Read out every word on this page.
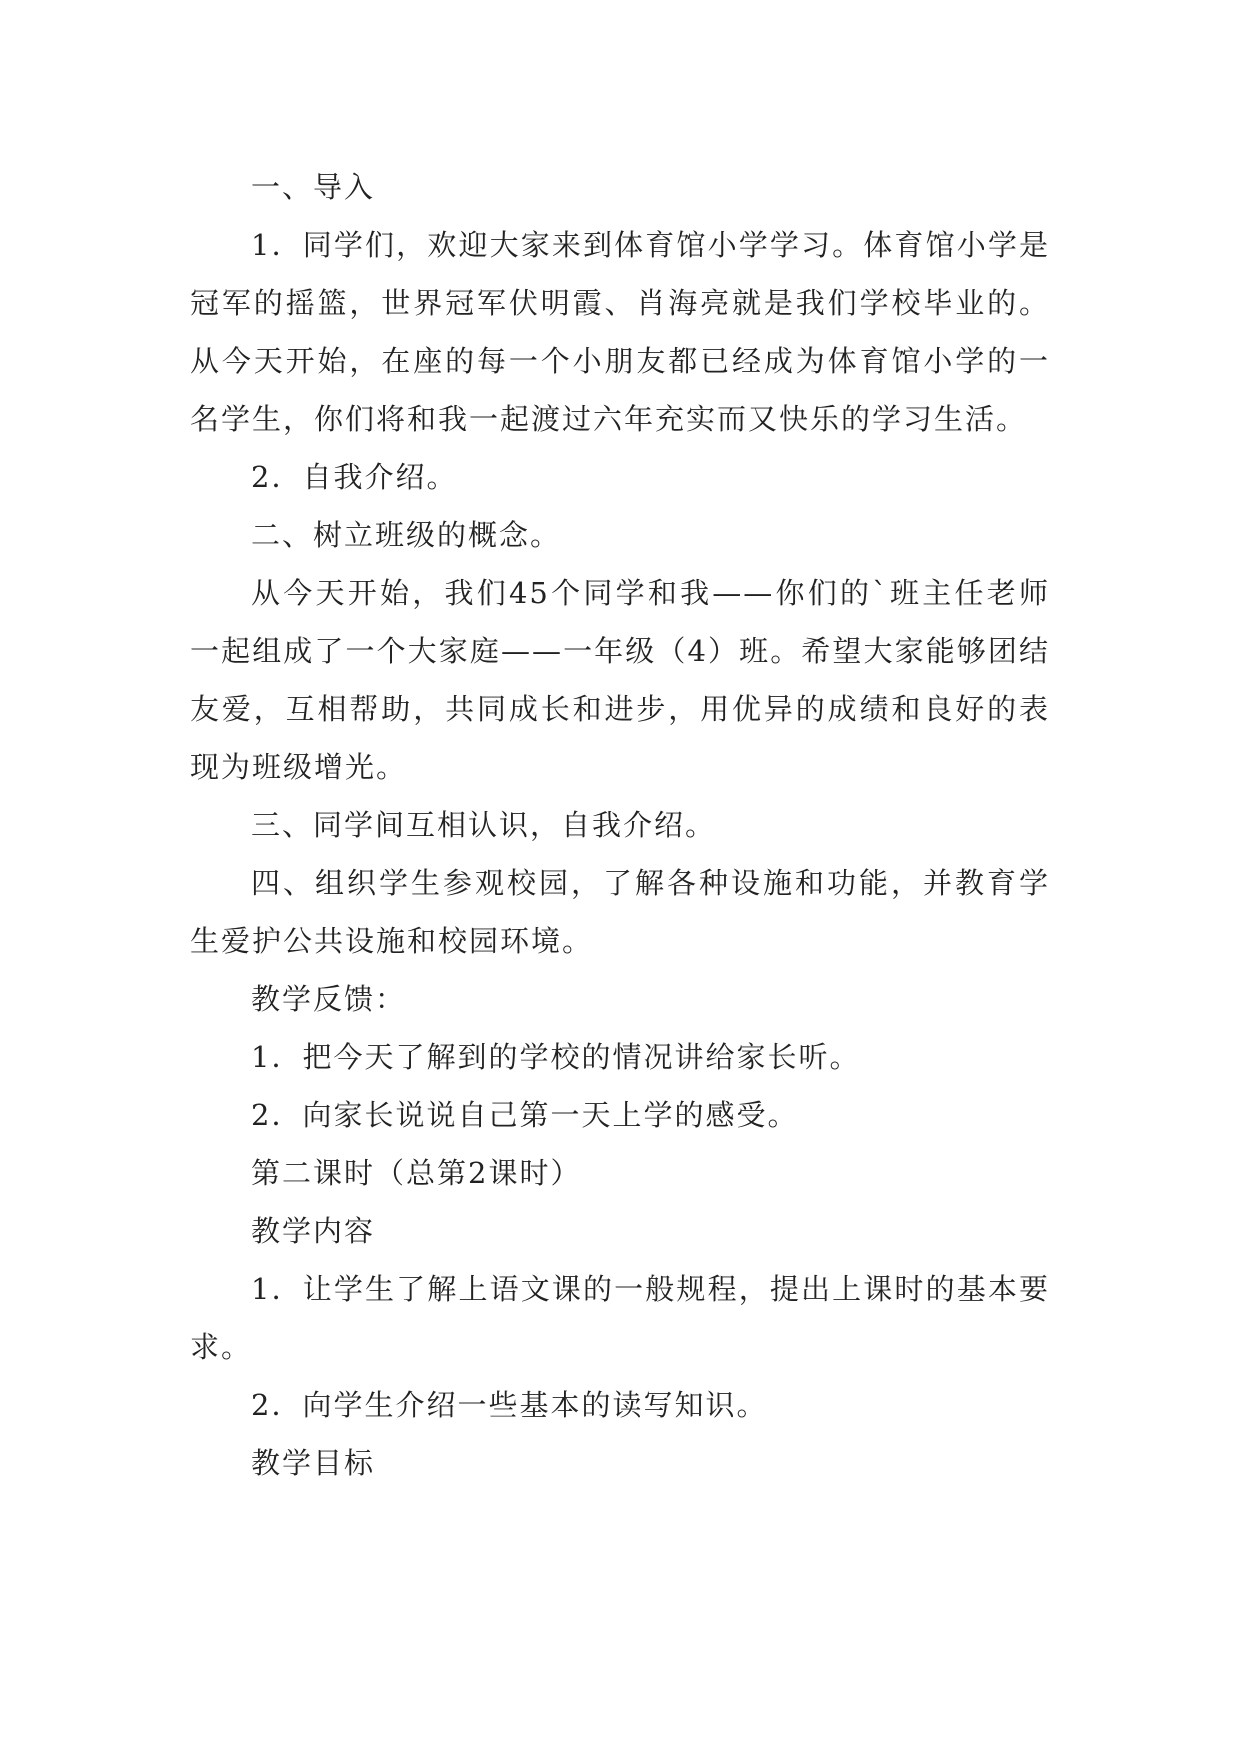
一、导入

1．同学们，欢迎大家来到体育馆小学学习。体育馆小学是冠军的摇篮，世界冠军伏明霞、肖海亮就是我们学校毕业的。从今天开始，在座的每一个小朋友都已经成为体育馆小学的一名学生，你们将和我一起渡过六年充实而又快乐的学习生活。

2．自我介绍。

二、树立班级的概念。

从今天开始，我们45个同学和我——你们的`班主任老师一起组成了一个大家庭——一年级（4）班。希望大家能够团结友爱，互相帮助，共同成长和进步，用优异的成绩和良好的表现为班级增光。

三、同学间互相认识，自我介绍。

四、组织学生参观校园，了解各种设施和功能，并教育学生爱护公共设施和校园环境。

教学反馈：

1．把今天了解到的学校的情况讲给家长听。

2．向家长说说自己第一天上学的感受。

第二课时（总第2课时）

教学内容

1．让学生了解上语文课的一般规程，提出上课时的基本要求。

2．向学生介绍一些基本的读写知识。

教学目标
